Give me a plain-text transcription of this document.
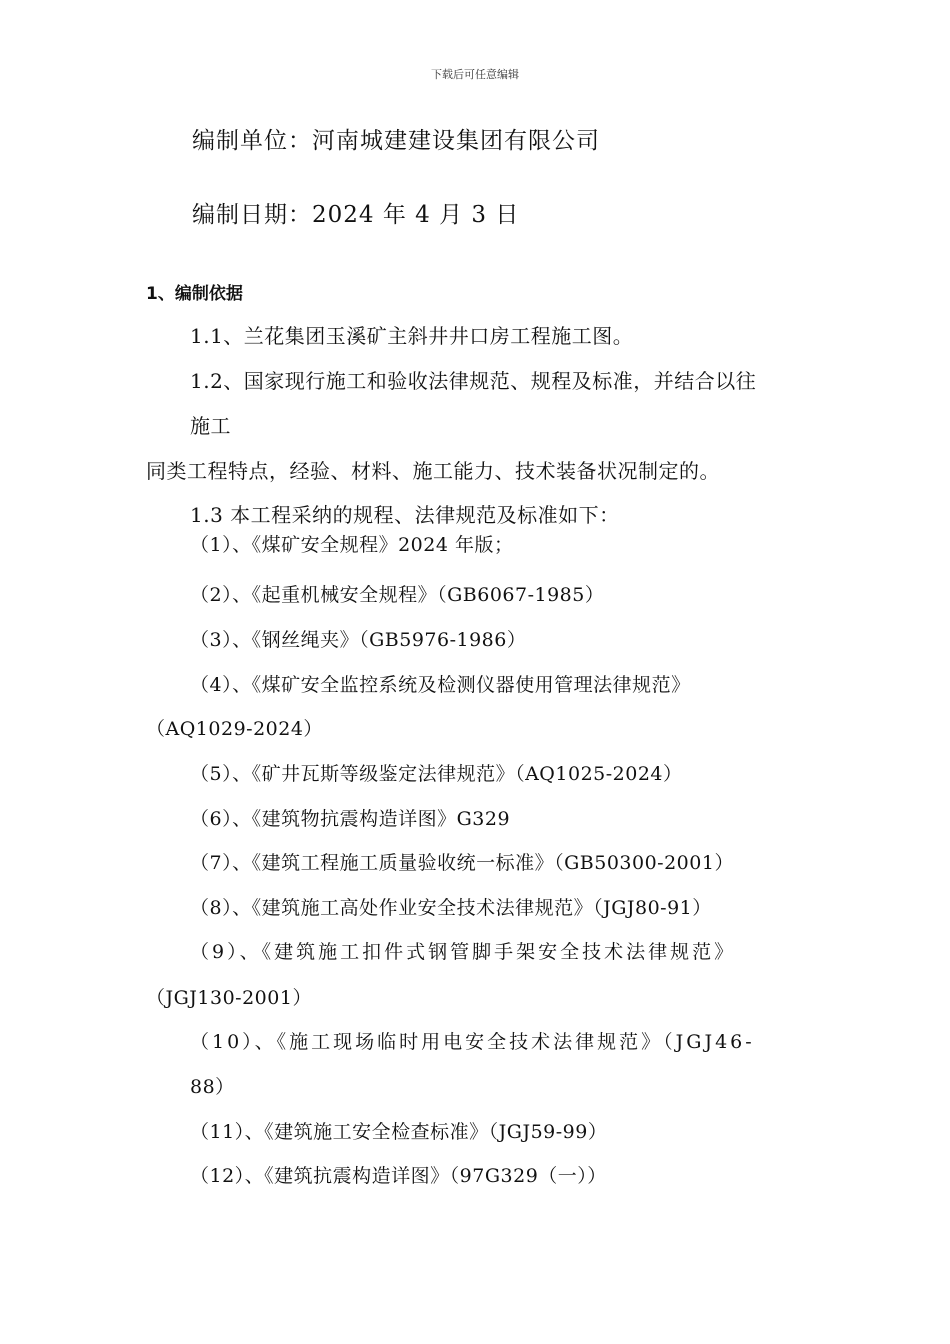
下载后可任意编辑
编制单位：河南城建建设集团有限公司
编制日期：2024 年 4 月 3 日
1、编制依据
1.1、兰花集团玉溪矿主斜井井口房工程施工图。
1.2、国家现行施工和验收法律规范、规程及标准，并结合以往
施工
同类工程特点，经验、材料、施工能力、技术装备状况制定的。
1.3 本工程采纳的规程、法律规范及标准如下：
（1）、《煤矿安全规程》2024 年版；
（2）、《起重机械安全规程》（GB6067-1985）
（3）、《钢丝绳夹》（GB5976-1986）
（4）、《煤矿安全监控系统及检测仪器使用管理法律规范》
（AQ1029-2024）
（5）、《矿井瓦斯等级鉴定法律规范》（AQ1025-2024）
（6）、《建筑物抗震构造详图》G329
（7）、《建筑工程施工质量验收统一标准》（GB50300-2001）
（8）、《建筑施工高处作业安全技术法律规范》（JGJ80-91）
（9）、《建筑施工扣件式钢管脚手架安全技术法律规范》
（JGJ130-2001）
（10）、《施工现场临时用电安全技术法律规范》（JGJ46-
88）
（11）、《建筑施工安全检查标准》（JGJ59-99）
（12）、《建筑抗震构造详图》（97G329（一））
